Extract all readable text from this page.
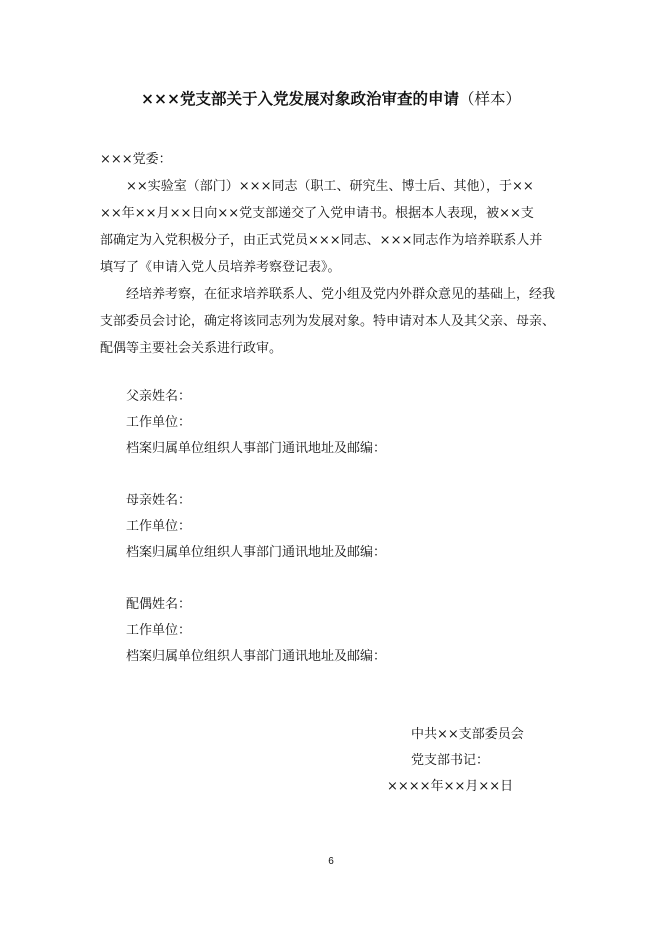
×××党支部关于入党发展对象政治审查的申请（样本）
×××党委：
××实验室（部门）×××同志（职工、研究生、博士后、其他），于××
××年××月××日向××党支部递交了入党申请书。根据本人表现，被××支
部确定为入党积极分子，由正式党员×××同志、×××同志作为培养联系人并
填写了《申请入党人员培养考察登记表》。
经培养考察，在征求培养联系人、党小组及党内外群众意见的基础上，经我
支部委员会讨论，确定将该同志列为发展对象。特申请对本人及其父亲、母亲、
配偶等主要社会关系进行政审。
父亲姓名：
工作单位：
档案归属单位组织人事部门通讯地址及邮编：
母亲姓名：
工作单位：
档案归属单位组织人事部门通讯地址及邮编：
配偶姓名：
工作单位：
档案归属单位组织人事部门通讯地址及邮编：
中共××支部委员会
党支部书记：
××××年××月××日
6
